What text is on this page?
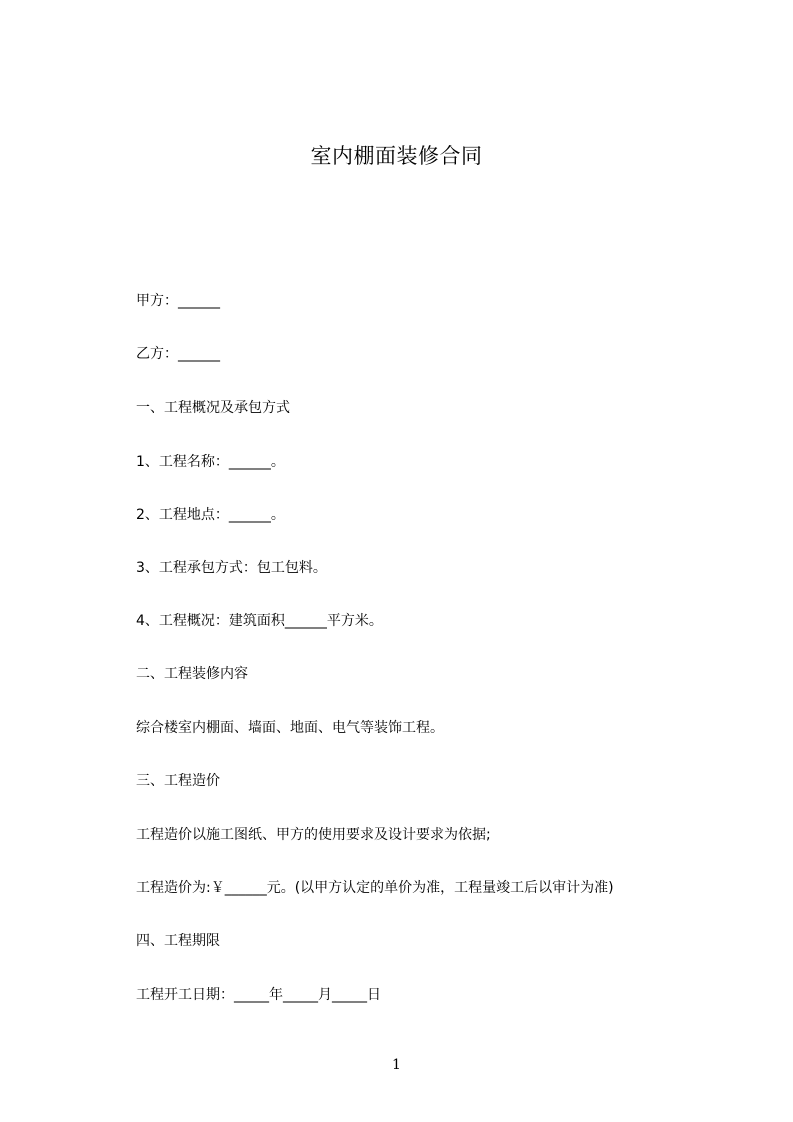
室内棚面装修合同
甲方：______
乙方：______
一、工程概况及承包方式
1、工程名称：______。
2、工程地点：______。
3、工程承包方式：包工包料。
4、工程概况：建筑面积______平方米。
二、工程装修内容
综合楼室内棚面、墙面、地面、电气等装饰工程。
三、工程造价
工程造价以施工图纸、甲方的使用要求及设计要求为依据;
工程造价为:￥______元。(以甲方认定的单价为准，工程量竣工后以审计为准)
四、工程期限
工程开工日期：_____年_____月_____日
1
